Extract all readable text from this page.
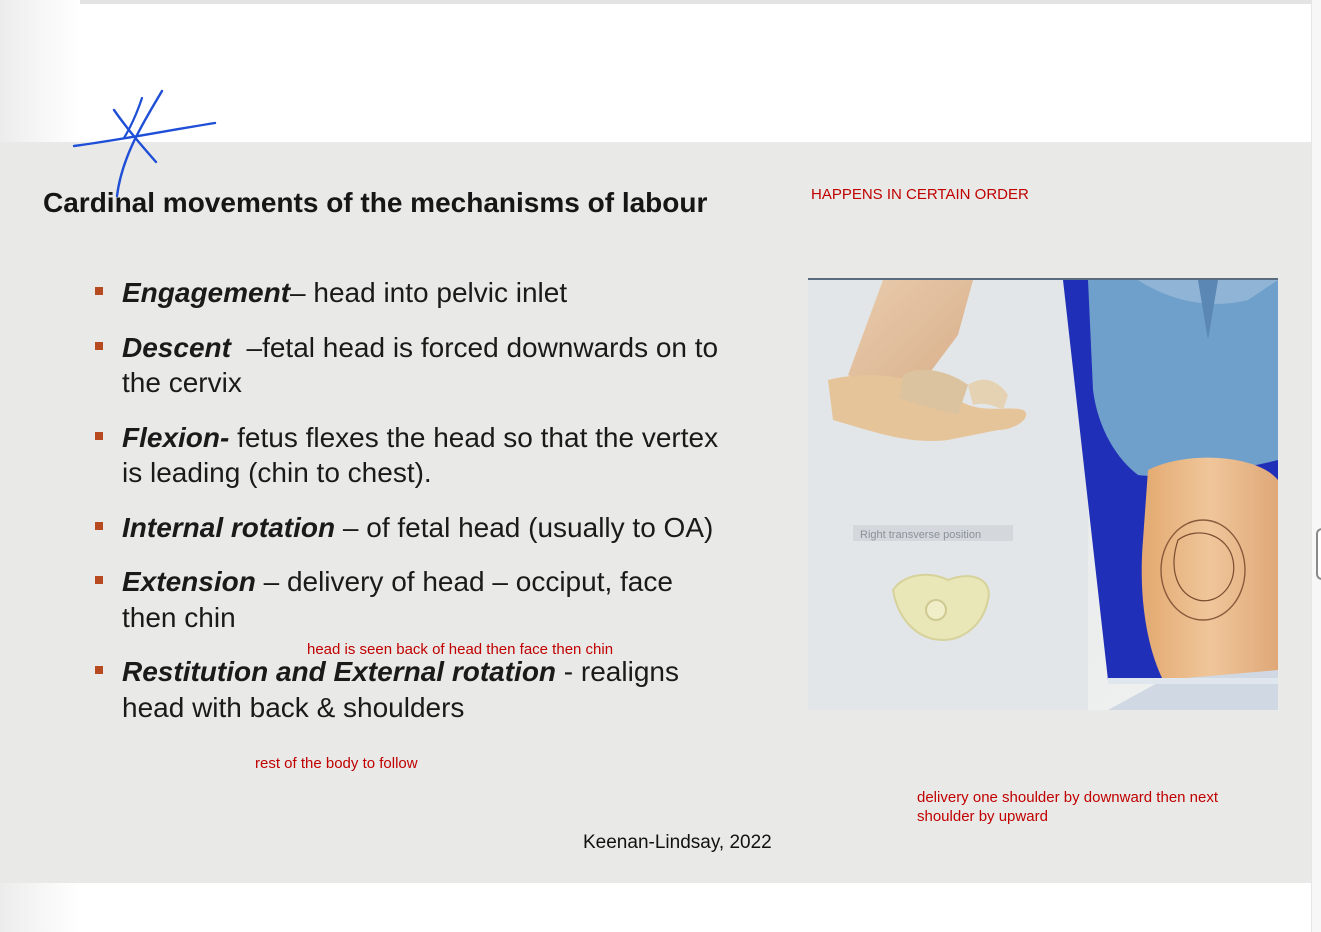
Cardinal movements of the mechanisms of labour	HAPPENS IN CERTAIN ORDER
Engagement– head into pelvic inlet
Descent  –fetal head is forced downwards on to the cervix
Flexion- fetus flexes the head so that the vertex is leading (chin to chest).
Internal rotation – of fetal head (usually to OA)
Extension – delivery of head – occiput, face then chin
Restitution and External rotation - realigns head with back & shoulders
head is seen back of head then face then chin
rest of the body to follow
Right transverse position
delivery one shoulder by downward then next shoulder by upward
Keenan-Lindsay, 2022
